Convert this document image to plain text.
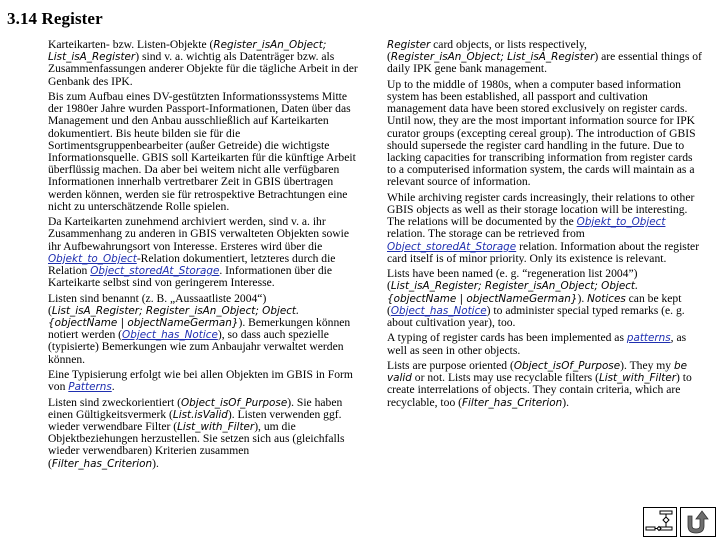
3.14 Register

Karteikarten- bzw. Listen-Objekte (Register_isAn_Object; List_isA_Register) sind v. a. wichtig als Datenträger bzw. als Zusammenfassungen anderer Objekte für die tägliche Arbeit in der Genbank des IPK.

Bis zum Aufbau eines DV-gestützten Informationssystems Mitte der 1980er Jahre wurden Passport-Informationen, Daten über das Management und den Anbau ausschließlich auf Karteikarten dokumentiert. Bis heute bilden sie für die Sortimentsgruppenbearbeiter (außer Getreide) die wichtigste Informationsquelle. GBIS soll Karteikarten für die künftige Arbeit überflüssig machen. Da aber bei weitem nicht alle verfügbaren Informationen innerhalb vertretbarer Zeit in GBIS übertragen werden können, werden sie für retrospektive Betrachtungen eine nicht zu unterschätzende Rolle spielen.

Da Karteikarten zunehmend archiviert werden, sind v. a. ihr Zusammenhang zu anderen in GBIS verwalteten Objekten sowie ihr Aufbewahrungsort von Interesse. Ersteres wird über die Objekt_to_Object-Relation dokumentiert, letzteres durch die Relation Object_storedAt_Storage. Informationen über die Karteikarte selbst sind von geringerem Interesse.

Listen sind benannt (z. B. „Aussaatliste 2004“) (List_isA_Register; Register_isAn_Object; Object.{objectName | objectNameGerman}). Bemerkungen können notiert werden (Object_has_Notice), so dass auch spezielle (typisierte) Bemerkungen wie zum Anbaujahr verwaltet werden können.

Eine Typisierung erfolgt wie bei allen Objekten im GBIS in Form von Patterns.

Listen sind zweckorientiert (Object_isOf_Purpose). Sie haben einen Gültigkeitsvermerk (List.isValid). Listen verwenden ggf. wieder verwendbare Filter (List_with_Filter), um die Objektbeziehungen herzustellen. Sie setzen sich aus (gleichfalls wieder verwendbaren) Kriterien zusammen (Filter_has_Criterion).

Register card objects, or lists respectively, (Register_isAn_Object; List_isA_Register) are essential things of daily IPK gene bank management.

Up to the middle of 1980s, when a computer based information system has been established, all passport and cultivation management data have been stored exclusively on register cards. Until now, they are the most important information source for IPK curator groups (excepting cereal group). The introduction of GBIS should supersede the register card handling in the future. Due to lacking capacities for transcribing information from register cards to a computerised information system, the cards will maintain as a relevant source of information.

While archiving register cards increasingly, their relations to other GBIS objects as well as their storage location will be interesting. The relations will be documented by the Objekt_to_Object relation. The storage can be retrieved from Object_storedAt_Storage relation. Information about the register card itself is of minor priority. Only its existence is relevant.

Lists have been named (e. g. “regeneration list 2004”) (List_isA_Register; Register_isAn_Object; Object.{objectName | objectNameGerman}). Notices can be kept (Object_has_Notice) to administer special typed remarks (e. g. about cultivation year), too.

A typing of register cards has been implemented as patterns, as well as seen in other objects.

Lists are purpose oriented (Object_isOf_Purpose). They my be valid or not. Lists may use recyclable filters (List_with_Filter) to create interrelations of objects. They contain criteria, which are recyclable, too (Filter_has_Criterion).
